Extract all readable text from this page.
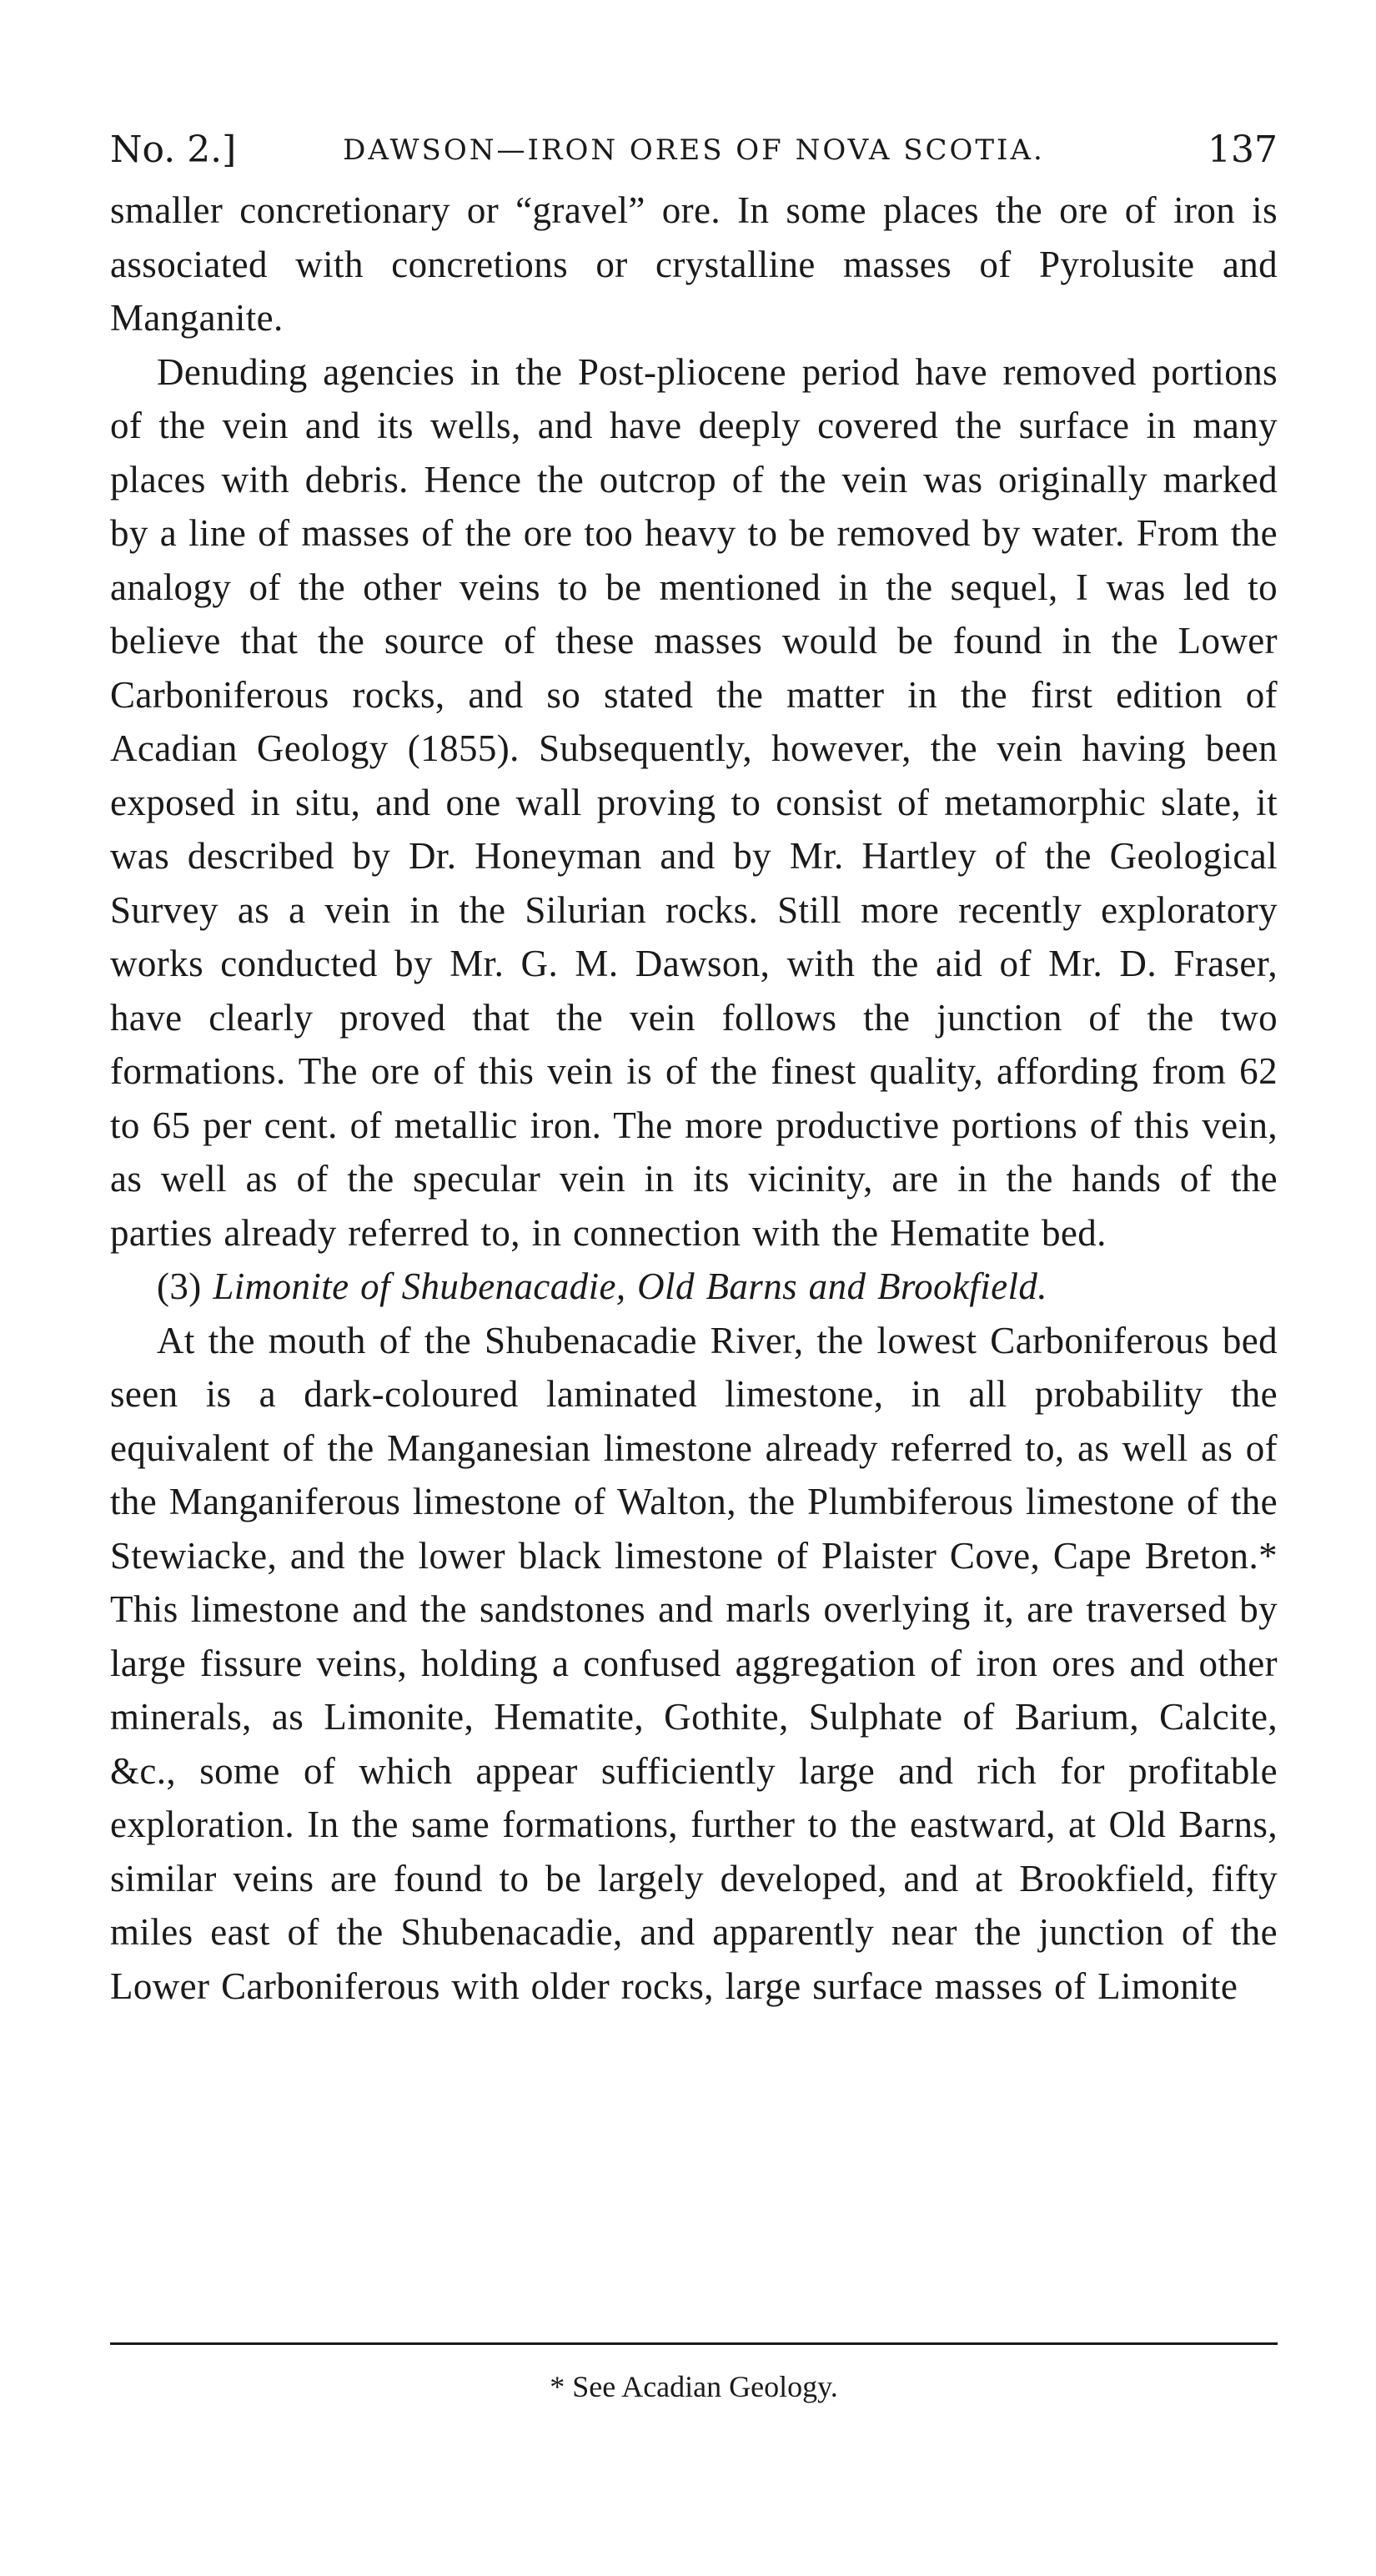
No. 2.]	DAWSON—IRON ORES OF NOVA SCOTIA.	137

smaller concretionary or “gravel” ore. In some places the ore of iron is associated with concretions or crystalline masses of Pyrolusite and Manganite.

Denuding agencies in the Post-pliocene period have removed portions of the vein and its wells, and have deeply covered the surface in many places with debris. Hence the outcrop of the vein was originally marked by a line of masses of the ore too heavy to be removed by water. From the analogy of the other veins to be mentioned in the sequel, I was led to believe that the source of these masses would be found in the Lower Carboniferous rocks, and so stated the matter in the first edition of Acadian Geology (1855). Subsequently, however, the vein having been exposed in situ, and one wall proving to consist of metamorphic slate, it was described by Dr. Honeyman and by Mr. Hartley of the Geological Survey as a vein in the Silurian rocks. Still more recently exploratory works conducted by Mr. G. M. Dawson, with the aid of Mr. D. Fraser, have clearly proved that the vein follows the junction of the two formations. The ore of this vein is of the finest quality, affording from 62 to 65 per cent. of metallic iron. The more productive portions of this vein, as well as of the specular vein in its vicinity, are in the hands of the parties already referred to, in connection with the Hematite bed.

(3) Limonite of Shubenacadie, Old Barns and Brookfield.

At the mouth of the Shubenacadie River, the lowest Carboniferous bed seen is a dark-coloured laminated limestone, in all probability the equivalent of the Manganesian limestone already referred to, as well as of the Manganiferous limestone of Walton, the Plumbiferous limestone of the Stewiacke, and the lower black limestone of Plaister Cove, Cape Breton.* This limestone and the sandstones and marls overlying it, are traversed by large fissure veins, holding a confused aggregation of iron ores and other minerals, as Limonite, Hematite, Gothite, Sulphate of Barium, Calcite, &c., some of which appear sufficiently large and rich for profitable exploration. In the same formations, further to the eastward, at Old Barns, similar veins are found to be largely developed, and at Brookfield, fifty miles east of the Shubenacadie, and apparently near the junction of the Lower Carboniferous with older rocks, large surface masses of Limonite

* See Acadian Geology.
